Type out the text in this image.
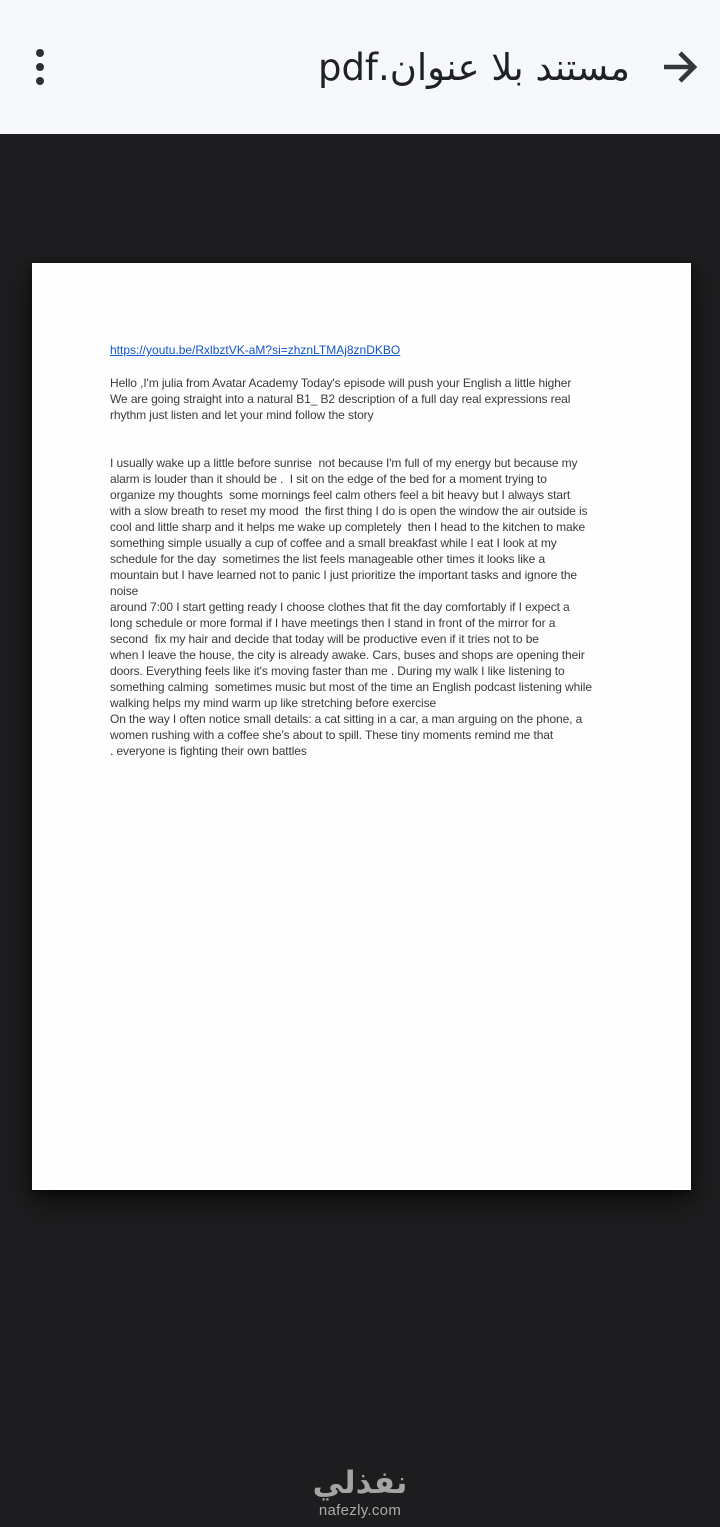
مستند بلا عنوان.pdf
https://youtu.be/RxlbztVK-aM?si=zhznLTMAj8znDKBO
Hello ,I'm julia from Avatar Academy Today's episode will push your English a little higher
We are going straight into a natural B1_ B2 description of a full day real expressions real
rhythm just listen and let your mind follow the story
I usually wake up a little before sunrise  not because I'm full of my energy but because my
alarm is louder than it should be .  I sit on the edge of the bed for a moment trying to
organize my thoughts  some mornings feel calm others feel a bit heavy but I always start
with a slow breath to reset my mood  the first thing I do is open the window the air outside is
cool and little sharp and it helps me wake up completely  then I head to the kitchen to make
something simple usually a cup of coffee and a small breakfast while I eat I look at my
schedule for the day  sometimes the list feels manageable other times it looks like a
mountain but I have learned not to panic I just prioritize the important tasks and ignore the
noise
around 7:00 I start getting ready I choose clothes that fit the day comfortably if I expect a
long schedule or more formal if I have meetings then I stand in front of the mirror for a
second  fix my hair and decide that today will be productive even if it tries not to be
when I leave the house, the city is already awake. Cars, buses and shops are opening their
doors. Everything feels like it's moving faster than me . During my walk I like listening to
something calming  sometimes music but most of the time an English podcast listening while
walking helps my mind warm up like stretching before exercise
On the way I often notice small details: a cat sitting in a car, a man arguing on the phone, a
women rushing with a coffee she's about to spill. These tiny moments remind me that
. everyone is fighting their own battles
نفذلي
nafezly.com
